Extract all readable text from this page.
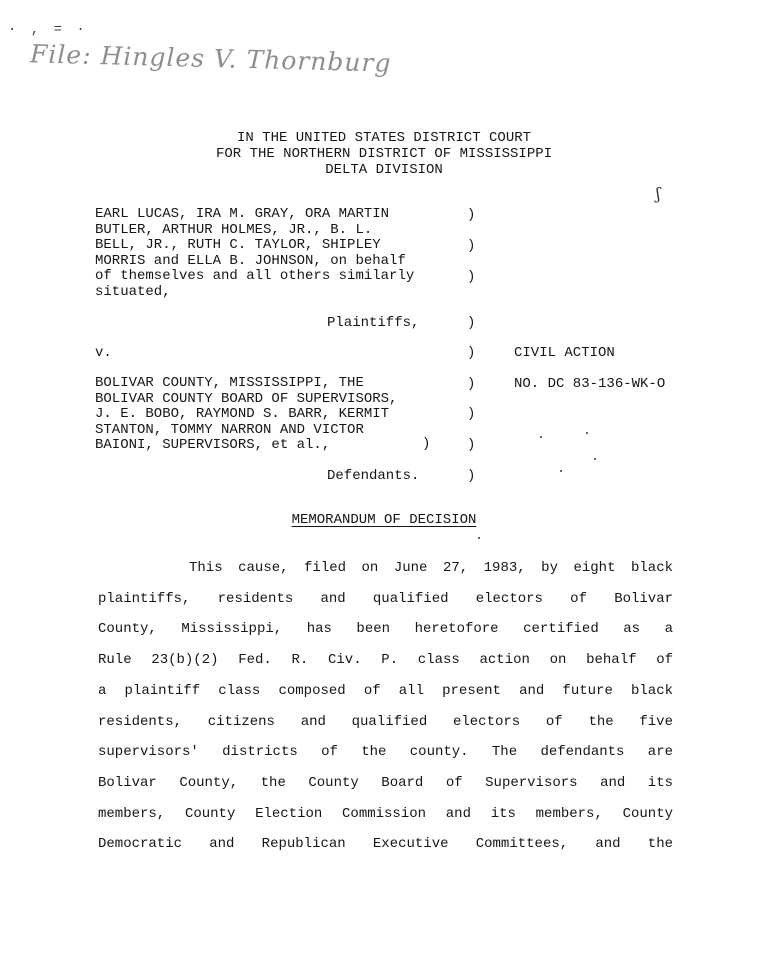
· , = ·
File: Hingles V. Thornburg
IN THE UNITED STATES DISTRICT COURT
FOR THE NORTHERN DISTRICT OF MISSISSIPPI
DELTA DIVISION
ʃ
EARL LUCAS, IRA M. GRAY, ORA MARTIN
BUTLER, ARTHUR HOLMES, JR., B. L.
BELL, JR., RUTH C. TAYLOR, SHIPLEY
MORRIS and ELLA B. JOHNSON, on behalf
of themselves and all others similarly
situated,
)
)
)
)
)
)
)
)
)
Plaintiffs,
v.	CIVIL ACTION
NO. DC 83-136-WK-O
BOLIVAR COUNTY, MISSISSIPPI, THE
BOLIVAR COUNTY BOARD OF SUPERVISORS,
J. E. BOBO, RAYMOND S. BARR, KERMIT
STANTON, TOMMY NARRON AND VICTOR
BAIONI, SUPERVISORS, et al.,	)
Defendants.
MEMORANDUM OF DECISION
This cause, filed on June 27, 1983, by eight black
plaintiffs, residents and qualified electors of Bolivar
County, Mississippi, has been heretofore certified as a
Rule 23(b)(2) Fed. R. Civ. P. class action on behalf of
a plaintiff class composed of all present and future black
residents, citizens and qualified electors of the five
supervisors' districts of the county. The defendants are
Bolivar County, the County Board of Supervisors and its
members, County Election Commission and its members, County
Democratic and Republican Executive Committees, and the
